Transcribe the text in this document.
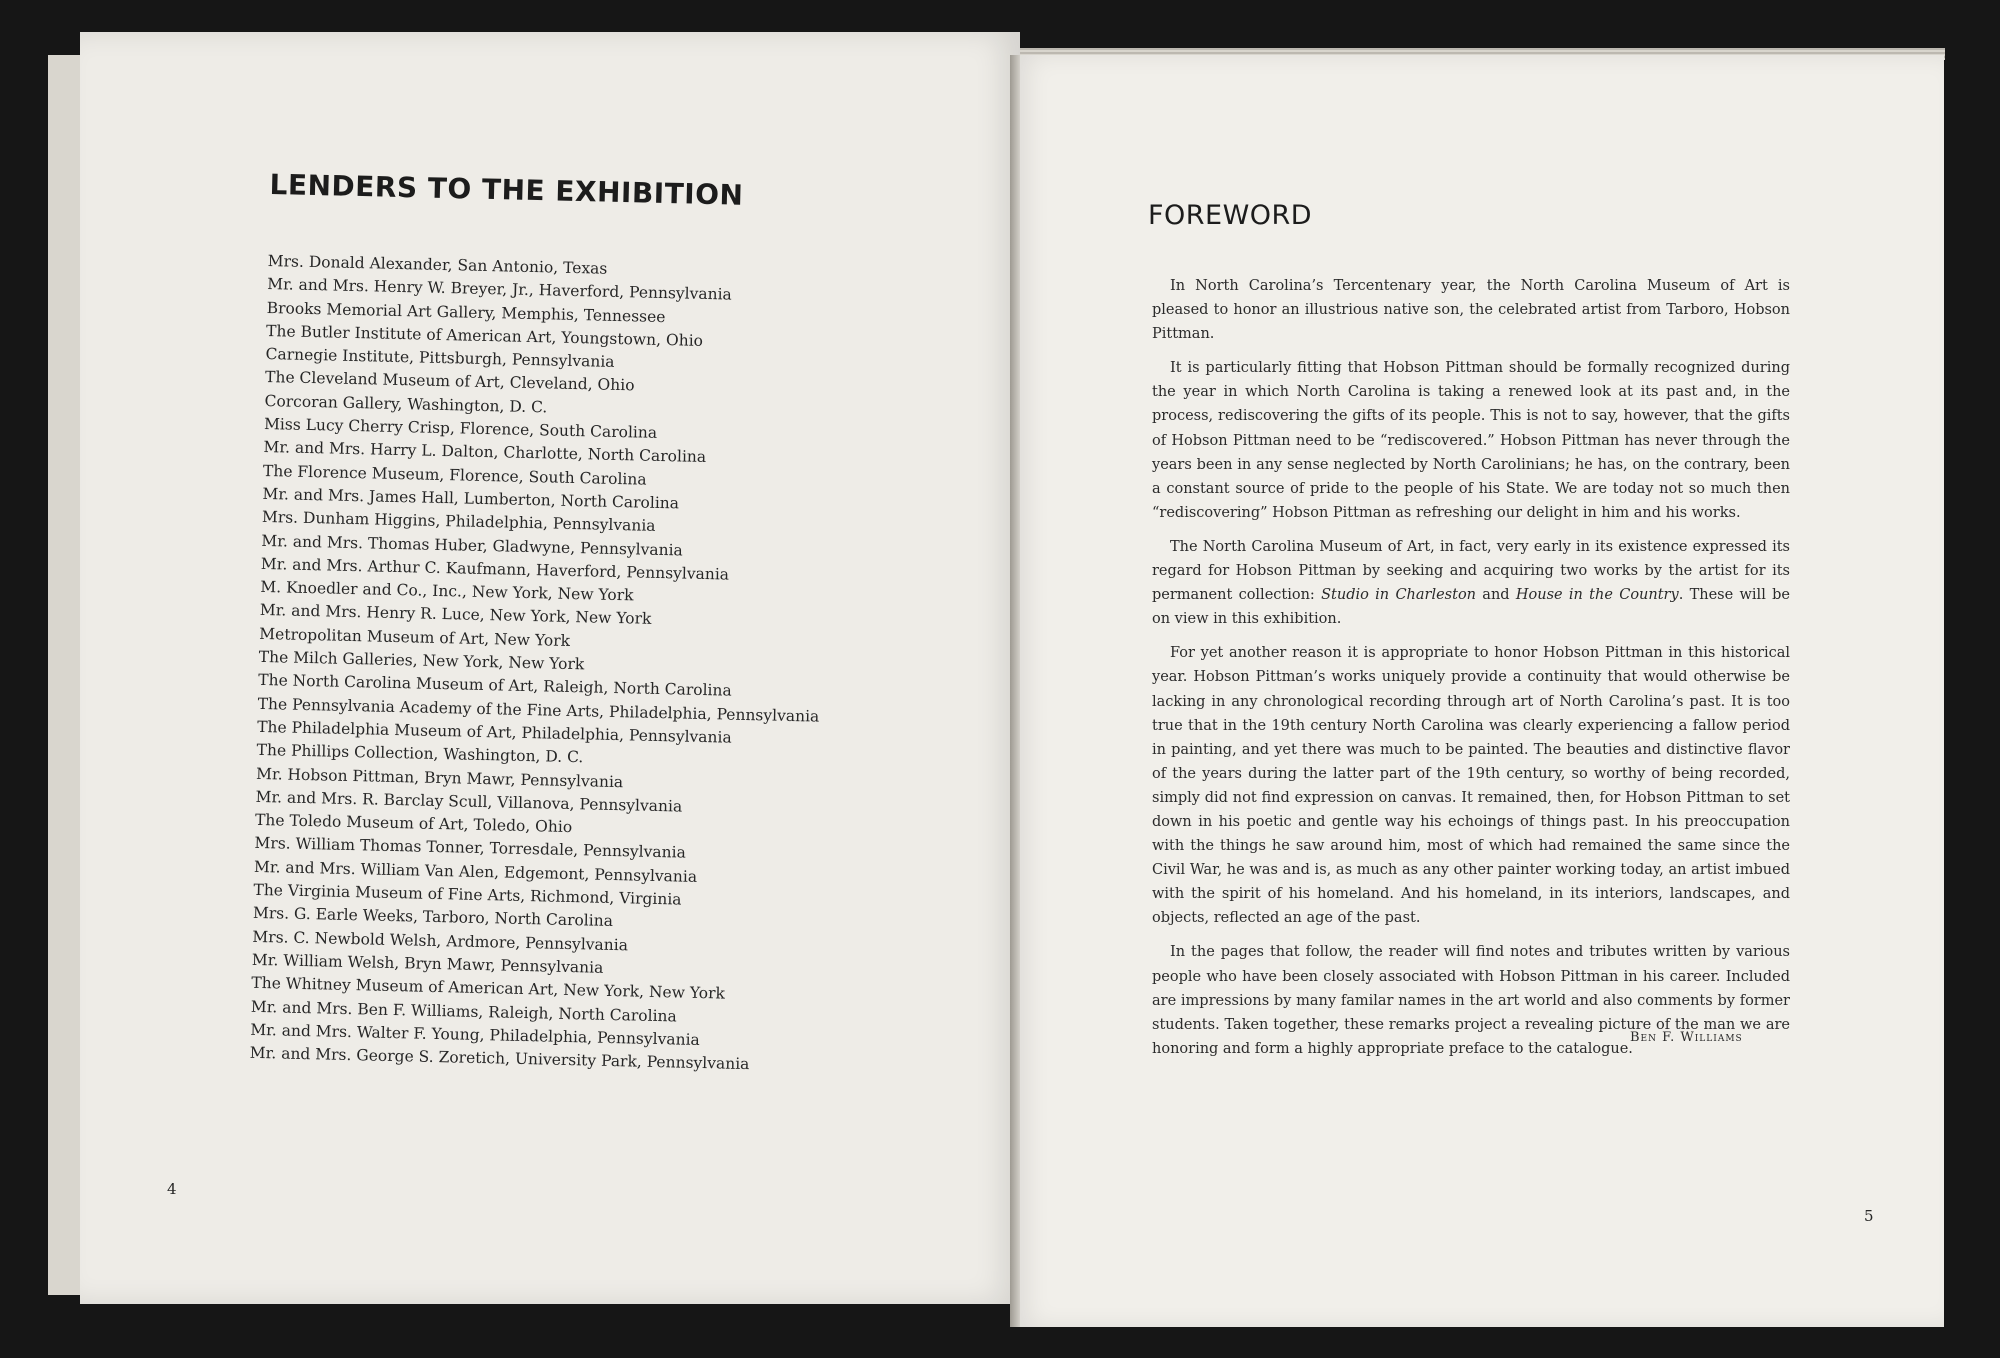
LENDERS TO THE EXHIBITION
Mrs. Donald Alexander, San Antonio, Texas
Mr. and Mrs. Henry W. Breyer, Jr., Haverford, Pennsylvania
Brooks Memorial Art Gallery, Memphis, Tennessee
The Butler Institute of American Art, Youngstown, Ohio
Carnegie Institute, Pittsburgh, Pennsylvania
The Cleveland Museum of Art, Cleveland, Ohio
Corcoran Gallery, Washington, D. C.
Miss Lucy Cherry Crisp, Florence, South Carolina
Mr. and Mrs. Harry L. Dalton, Charlotte, North Carolina
The Florence Museum, Florence, South Carolina
Mr. and Mrs. James Hall, Lumberton, North Carolina
Mrs. Dunham Higgins, Philadelphia, Pennsylvania
Mr. and Mrs. Thomas Huber, Gladwyne, Pennsylvania
Mr. and Mrs. Arthur C. Kaufmann, Haverford, Pennsylvania
M. Knoedler and Co., Inc., New York, New York
Mr. and Mrs. Henry R. Luce, New York, New York
Metropolitan Museum of Art, New York
The Milch Galleries, New York, New York
The North Carolina Museum of Art, Raleigh, North Carolina
The Pennsylvania Academy of the Fine Arts, Philadelphia, Pennsylvania
The Philadelphia Museum of Art, Philadelphia, Pennsylvania
The Phillips Collection, Washington, D. C.
Mr. Hobson Pittman, Bryn Mawr, Pennsylvania
Mr. and Mrs. R. Barclay Scull, Villanova, Pennsylvania
The Toledo Museum of Art, Toledo, Ohio
Mrs. William Thomas Tonner, Torresdale, Pennsylvania
Mr. and Mrs. William Van Alen, Edgemont, Pennsylvania
The Virginia Museum of Fine Arts, Richmond, Virginia
Mrs. G. Earle Weeks, Tarboro, North Carolina
Mrs. C. Newbold Welsh, Ardmore, Pennsylvania
Mr. William Welsh, Bryn Mawr, Pennsylvania
The Whitney Museum of American Art, New York, New York
Mr. and Mrs. Ben F. Williams, Raleigh, North Carolina
Mr. and Mrs. Walter F. Young, Philadelphia, Pennsylvania
Mr. and Mrs. George S. Zoretich, University Park, Pennsylvania
4
FOREWORD

In North Carolina’s Tercentenary year, the North Carolina Museum of Art is pleased to honor an illustrious native son, the celebrated artist from Tarboro, Hobson Pittman.

It is particularly fitting that Hobson Pittman should be formally recognized during the year in which North Carolina is taking a renewed look at its past and, in the process, rediscovering the gifts of its people. This is not to say, however, that the gifts of Hobson Pittman need to be “rediscovered.” Hobson Pittman has never through the years been in any sense neglected by North Carolinians; he has, on the contrary, been a constant source of pride to the people of his State. We are today not so much then “rediscovering” Hobson Pittman as refreshing our delight in him and his works.

The North Carolina Museum of Art, in fact, very early in its existence expressed its regard for Hobson Pittman by seeking and acquiring two works by the artist for its permanent collection: Studio in Charleston and House in the Country. These will be on view in this exhibition.

For yet another reason it is appropriate to honor Hobson Pittman in this historical year. Hobson Pittman’s works uniquely provide a continuity that would otherwise be lacking in any chronological recording through art of North Carolina’s past. It is too true that in the 19th century North Carolina was clearly experiencing a fallow period in painting, and yet there was much to be painted. The beauties and distinctive flavor of the years during the latter part of the 19th century, so worthy of being recorded, simply did not find expression on canvas. It remained, then, for Hobson Pittman to set down in his poetic and gentle way his echoings of things past. In his preoccupation with the things he saw around him, most of which had remained the same since the Civil War, he was and is, as much as any other painter working today, an artist imbued with the spirit of his homeland. And his homeland, in its interiors, landscapes, and objects, reflected an age of the past.

In the pages that follow, the reader will find notes and tributes written by various people who have been closely associated with Hobson Pittman in his career. Included are impressions by many familar names in the art world and also comments by former students. Taken together, these remarks project a revealing picture of the man we are honoring and form a highly appropriate preface to the catalogue.

Ben F. Williams
5
